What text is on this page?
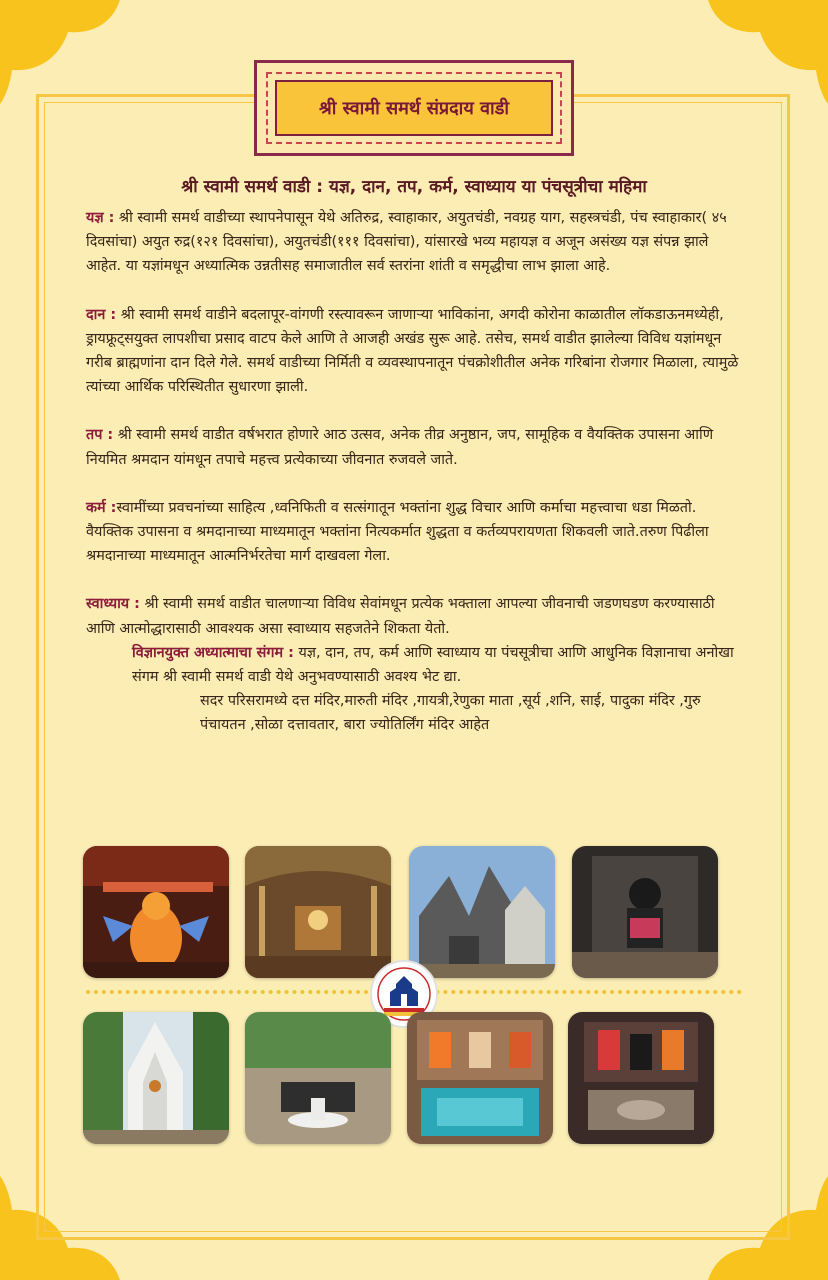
श्री स्वामी समर्थ संप्रदाय वाडी
श्री स्वामी समर्थ वाडी : यज्ञ, दान, तप, कर्म, स्वाध्याय या पंचसूत्रीचा महिमा

यज्ञ : श्री स्वामी समर्थ वाडीच्या स्थापनेपासून येथे अतिरुद्र, स्वाहाकार, अयुतचंडी, नवग्रह याग, सहस्त्रचंडी, पंच स्वाहाकार( ४५ दिवसांचा) अयुत रुद्र(१२१ दिवसांचा), अयुतचंडी(१११ दिवसांचा), यांसारखे भव्य महायज्ञ व अजून असंख्य यज्ञ संपन्न झाले आहेत. या यज्ञांमधून अध्यात्मिक उन्नतीसह समाजातील सर्व स्तरांना शांती व समृद्धीचा लाभ झाला आहे.

दान : श्री स्वामी समर्थ वाडीने बदलापूर-वांगणी रस्त्यावरून जाणाऱ्या भाविकांना, अगदी कोरोना काळातील लॉकडाऊनमध्येही, ड्रायफ्रूट्सयुक्त लापशीचा प्रसाद वाटप केले आणि ते आजही अखंड सुरू आहे. तसेच, समर्थ वाडीत झालेल्या विविध यज्ञांमधून गरीब ब्राह्मणांना दान दिले गेले. समर्थ वाडीच्या निर्मिती व व्यवस्थापनातून पंचक्रोशीतील अनेक गरिबांना रोजगार मिळाला, त्यामुळे त्यांच्या आर्थिक परिस्थितीत सुधारणा झाली.

तप : श्री स्वामी समर्थ वाडीत वर्षभरात होणारे आठ उत्सव, अनेक तीव्र अनुष्ठान, जप, सामूहिक व वैयक्तिक उपासना आणि नियमित श्रमदान यांमधून तपाचे महत्त्व प्रत्येकाच्या जीवनात रुजवले जाते.

कर्म :स्वामींच्या प्रवचनांच्या साहित्य ,ध्वनिफिती व सत्संगातून भक्तांना शुद्ध विचार आणि कर्माचा महत्त्वाचा धडा मिळतो. वैयक्तिक उपासना व श्रमदानाच्या माध्यमातून भक्तांना नित्यकर्मात शुद्धता व कर्तव्यपरायणता शिकवली जाते.तरुण पिढीला श्रमदानाच्या माध्यमातून आत्मनिर्भरतेचा मार्ग दाखवला गेला.

स्वाध्याय : श्री स्वामी समर्थ वाडीत चालणाऱ्या विविध सेवांमधून प्रत्येक भक्ताला आपल्या जीवनाची जडणघडण करण्यासाठी आणि आत्मोद्धारासाठी आवश्यक असा स्वाध्याय सहजतेने शिकता येतो.

विज्ञानयुक्त अध्यात्माचा संगम : यज्ञ, दान, तप, कर्म आणि स्वाध्याय या पंचसूत्रीचा आणि आधुनिक विज्ञानाचा अनोखा संगम श्री स्वामी समर्थ वाडी येथे अनुभवण्यासाठी अवश्य भेट द्या.

सदर परिसरामध्ये दत्त मंदिर,मारुती मंदिर ,गायत्री,रेणुका माता ,सूर्य ,शनि, साई, पादुका मंदिर ,गुरु पंचायतन ,सोळा दत्तावतार, बारा ज्योतिर्लिंग मंदिर आहेत
